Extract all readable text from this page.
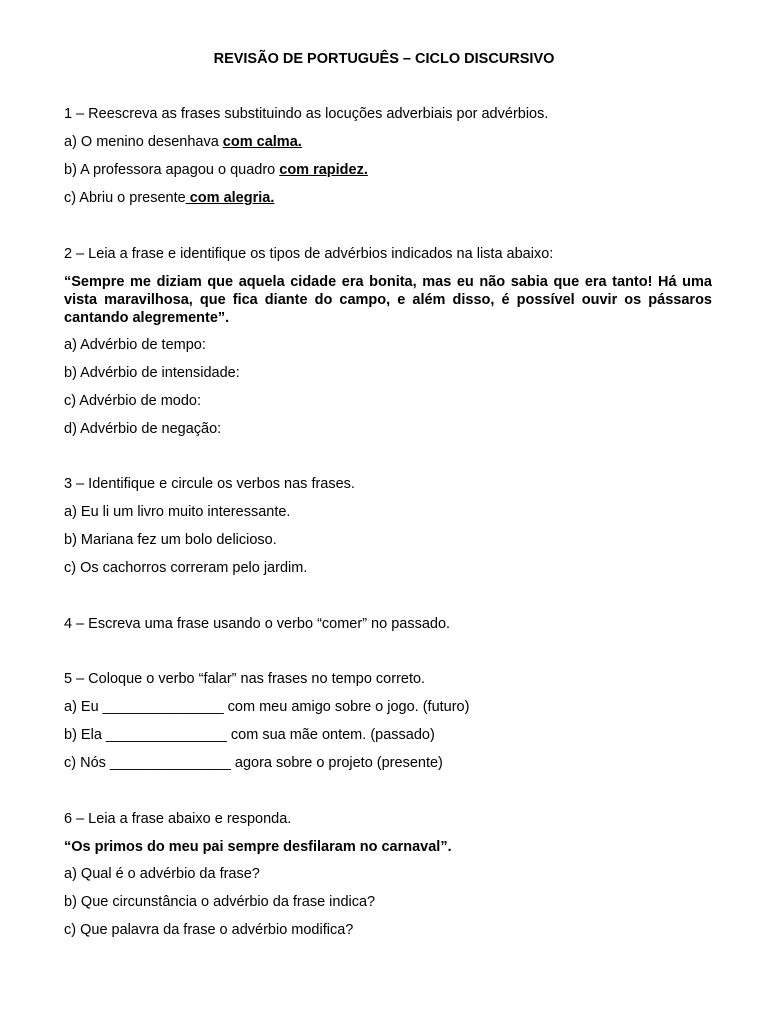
REVISÃO DE PORTUGUÊS – CICLO DISCURSIVO
1 – Reescreva as frases substituindo as locuções adverbiais por advérbios.
a) O menino desenhava com calma.
b) A professora apagou o quadro com rapidez.
c) Abriu o presente com alegria.
2 – Leia a frase e identifique os tipos de advérbios indicados na lista abaixo:
“Sempre me diziam que aquela cidade era bonita, mas eu não sabia que era tanto! Há uma vista maravilhosa, que fica diante do campo, e além disso, é possível ouvir os pássaros cantando alegremente”.
a) Advérbio de tempo:
b) Advérbio de intensidade:
c) Advérbio de modo:
d) Advérbio de negação:
3 – Identifique e circule os verbos nas frases.
a) Eu li um livro muito interessante.
b) Mariana fez um bolo delicioso.
c) Os cachorros correram pelo jardim.
4 – Escreva uma frase usando o verbo “comer” no passado.
5 – Coloque o verbo “falar” nas frases no tempo correto.
a) Eu _______________ com meu amigo sobre o jogo. (futuro)
b) Ela _______________ com sua mãe ontem. (passado)
c) Nós _______________ agora sobre o projeto (presente)
6 – Leia a frase abaixo e responda.
“Os primos do meu pai sempre desfilaram no carnaval”.
a) Qual é o advérbio da frase?
b) Que circunstância o advérbio da frase indica?
c) Que palavra da frase o advérbio modifica?
